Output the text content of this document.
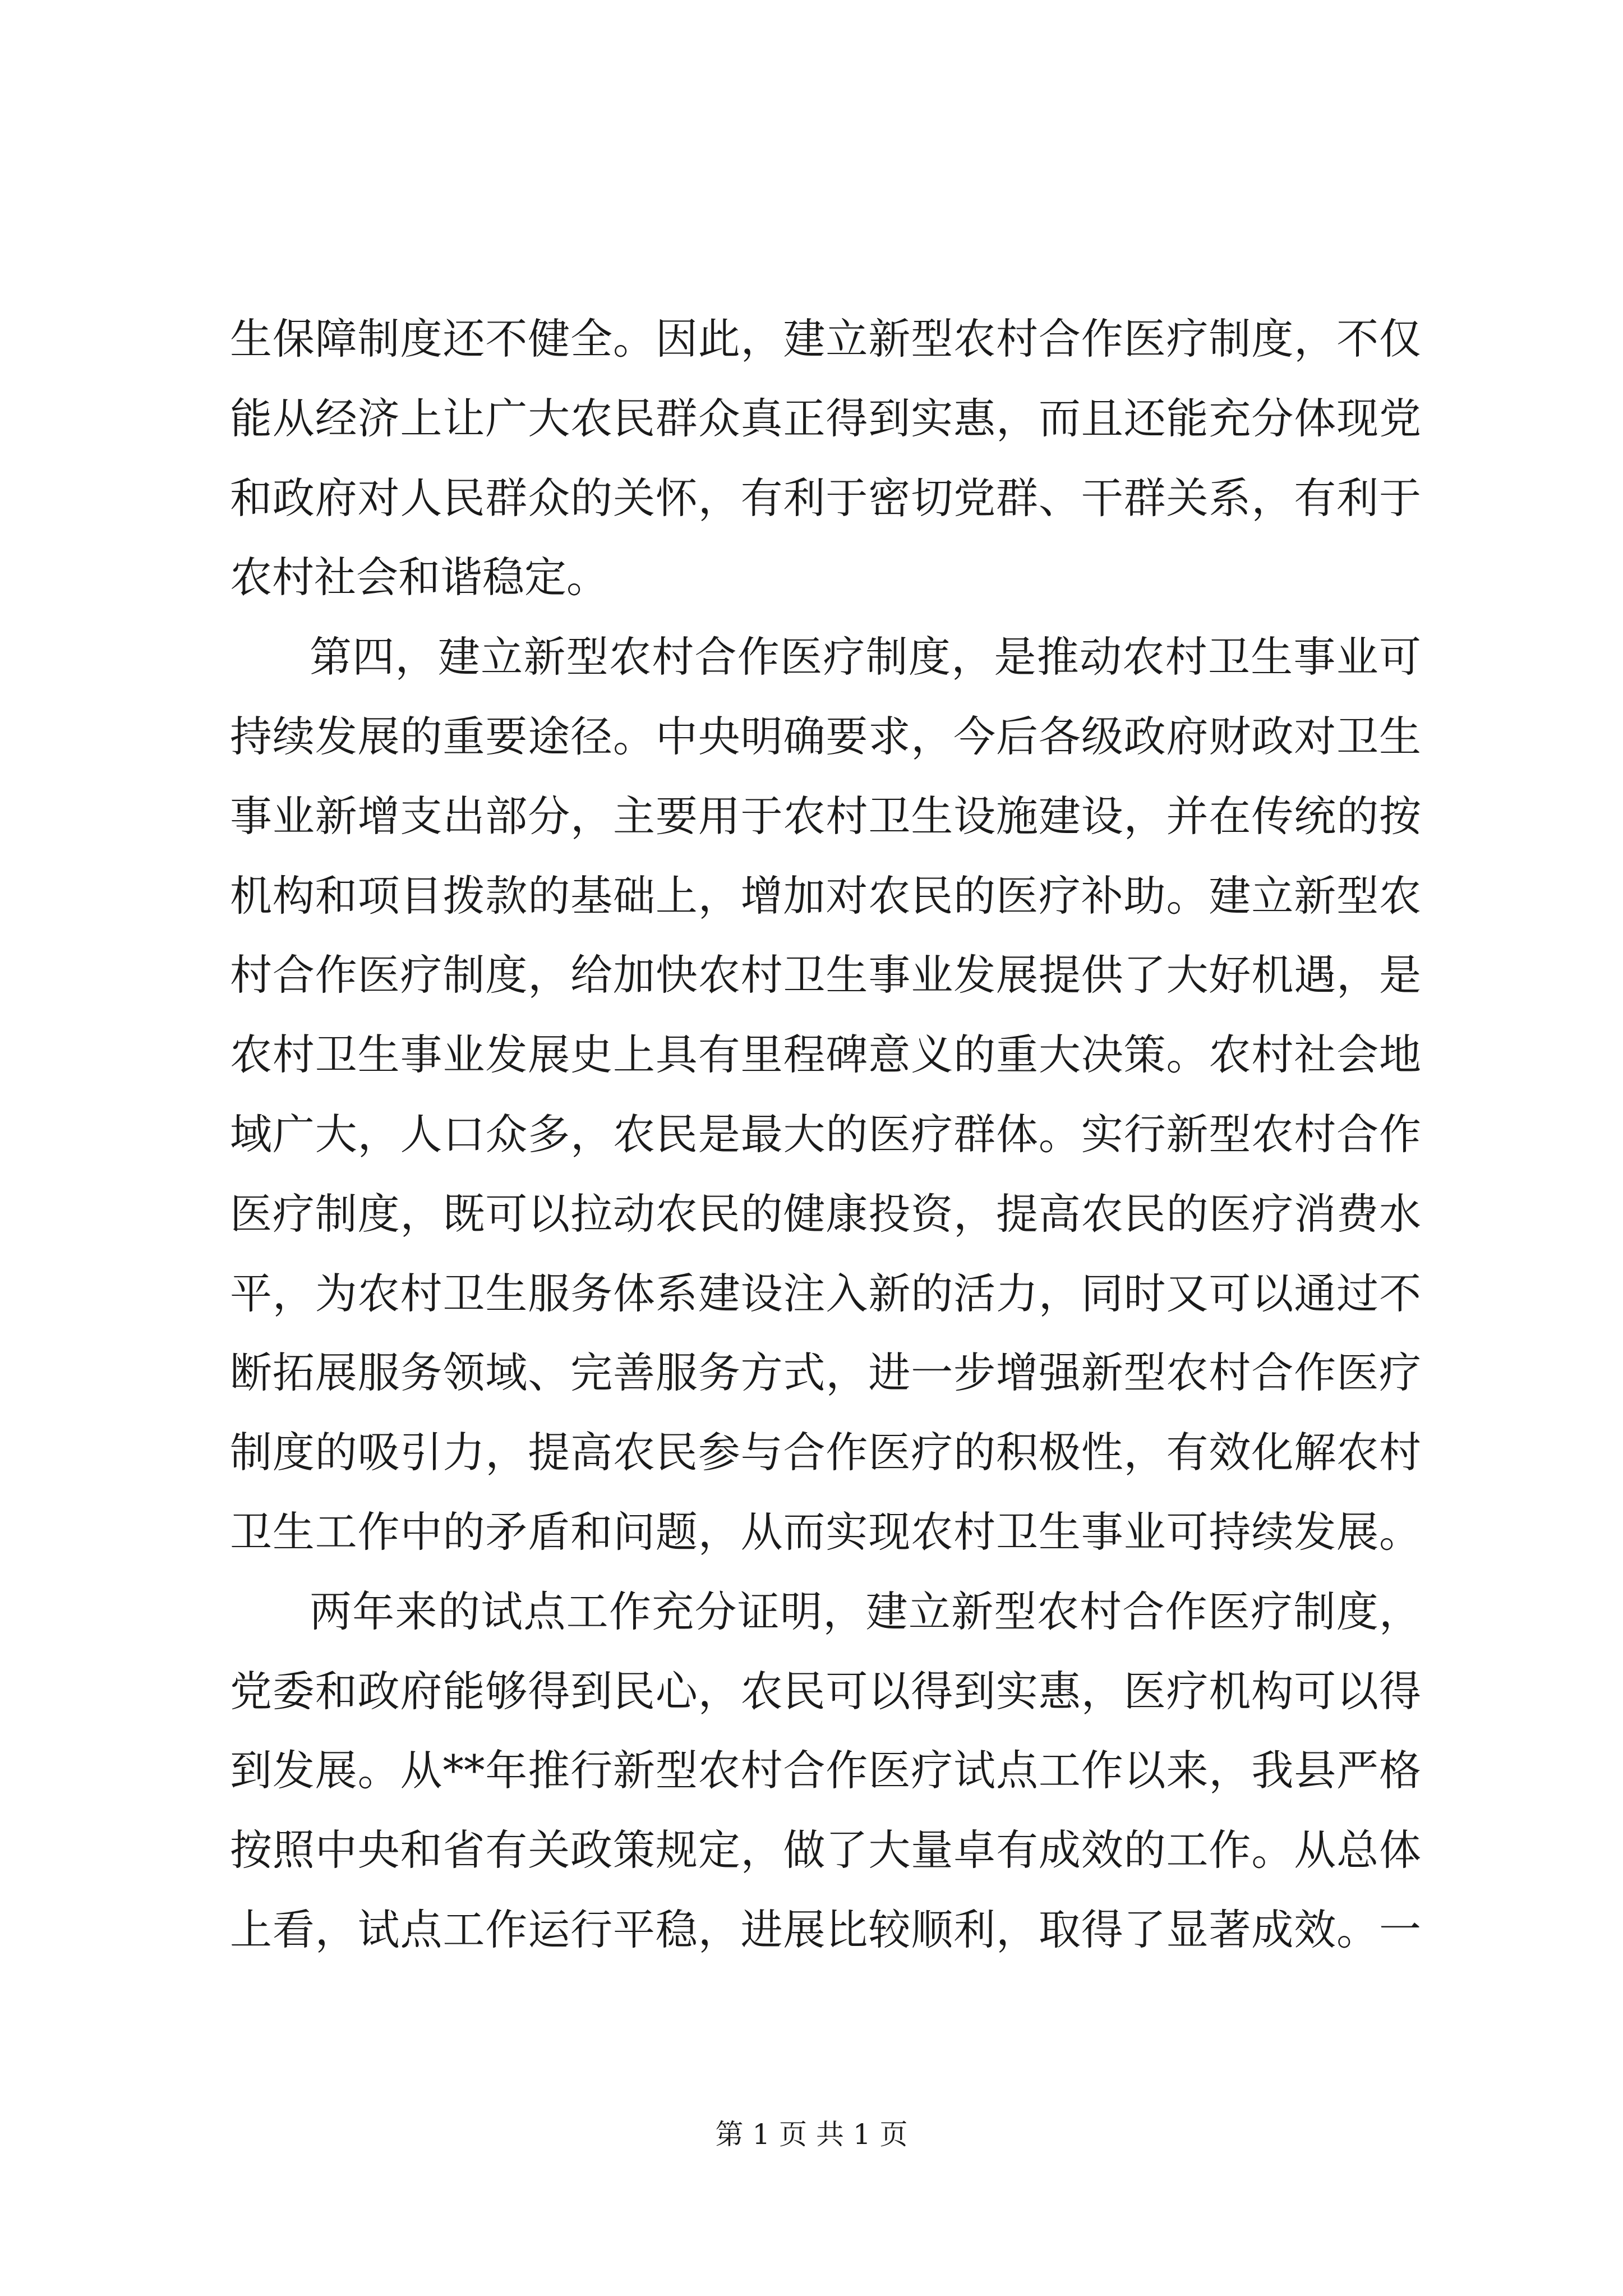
生保障制度还不健全。因此，建立新型农村合作医疗制度，不仅
能从经济上让广大农民群众真正得到实惠，而且还能充分体现党
和政府对人民群众的关怀，有利于密切党群、干群关系，有利于
农村社会和谐稳定。
第四，建立新型农村合作医疗制度，是推动农村卫生事业可
持续发展的重要途径。中央明确要求，今后各级政府财政对卫生
事业新增支出部分，主要用于农村卫生设施建设，并在传统的按
机构和项目拨款的基础上，增加对农民的医疗补助。建立新型农
村合作医疗制度，给加快农村卫生事业发展提供了大好机遇，是
农村卫生事业发展史上具有里程碑意义的重大决策。农村社会地
域广大，人口众多，农民是最大的医疗群体。实行新型农村合作
医疗制度，既可以拉动农民的健康投资，提高农民的医疗消费水
平，为农村卫生服务体系建设注入新的活力，同时又可以通过不
断拓展服务领域、完善服务方式，进一步增强新型农村合作医疗
制度的吸引力，提高农民参与合作医疗的积极性，有效化解农村
卫生工作中的矛盾和问题，从而实现农村卫生事业可持续发展。
两年来的试点工作充分证明，建立新型农村合作医疗制度，
党委和政府能够得到民心，农民可以得到实惠，医疗机构可以得
到发展。从**年推行新型农村合作医疗试点工作以来，我县严格
按照中央和省有关政策规定，做了大量卓有成效的工作。从总体
上看，试点工作运行平稳，进展比较顺利，取得了显著成效。一
第 1 页 共 1 页
